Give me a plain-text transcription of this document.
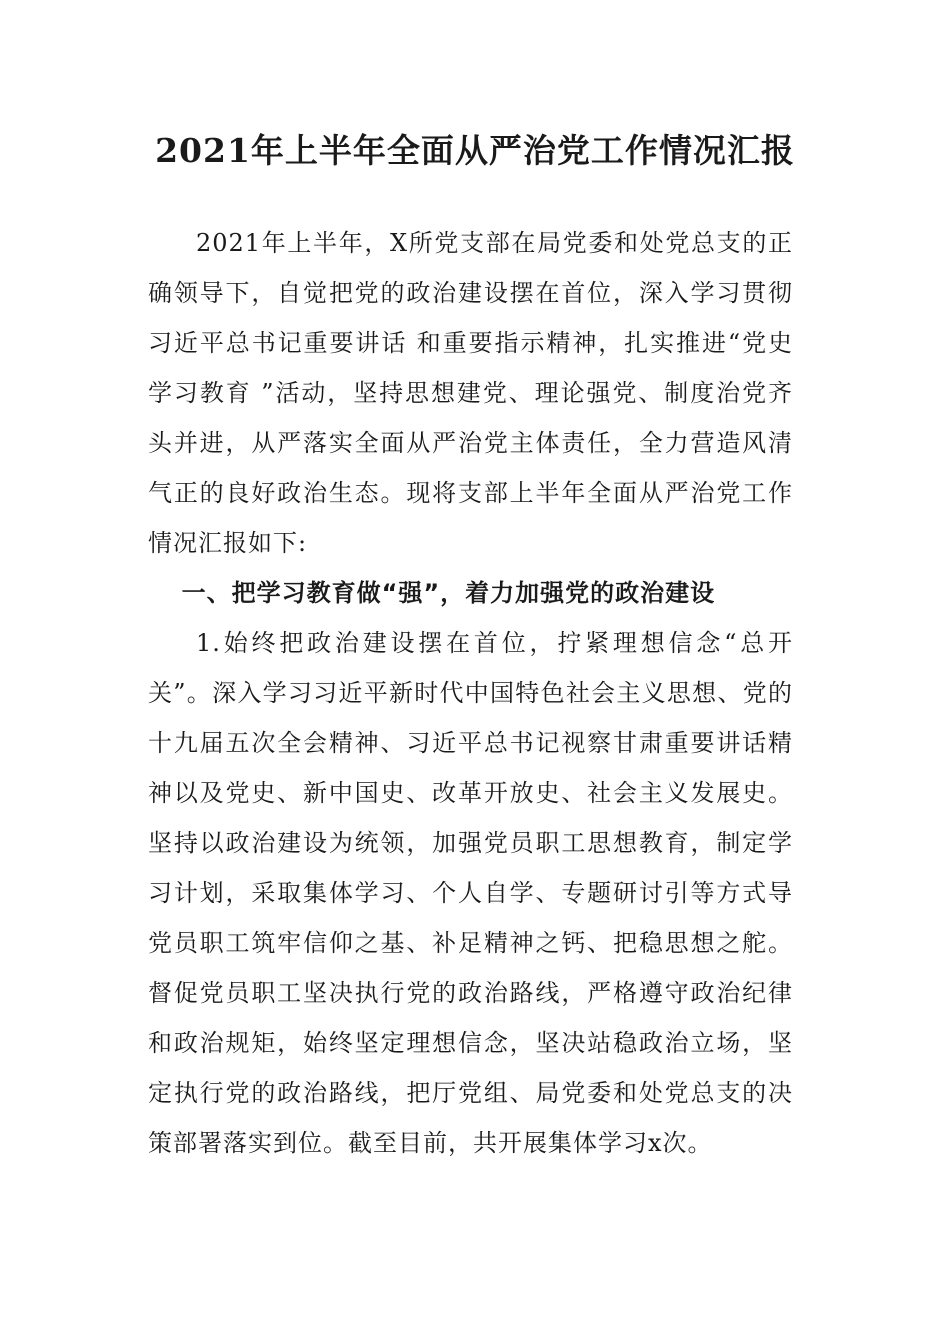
2021年上半年全面从严治党工作情况汇报

2021年上半年，X所党支部在局党委和处党总支的正确领导下，自觉把党的政治建设摆在首位，深入学习贯彻习近平总书记重要讲话 和重要指示精神，扎实推进“党史学习教育 ”活动，坚持思想建党、理论强党、制度治党齐头并进，从严落实全面从严治党主体责任，全力营造风清气正的良好政治生态。现将支部上半年全面从严治党工作情况汇报如下:

一、把学习教育做“强”，着力加强党的政治建设

1.始终把政治建设摆在首位，拧紧理想信念“总开关”。深入学习习近平新时代中国特色社会主义思想、党的十九届五次全会精神、习近平总书记视察甘肃重要讲话精神以及党史、新中国史、改革开放史、社会主义发展史。坚持以政治建设为统领，加强党员职工思想教育，制定学习计划，采取集体学习、个人自学、专题研讨引等方式导党员职工筑牢信仰之基、补足精神之钙、把稳思想之舵。督促党员职工坚决执行党的政治路线，严格遵守政治纪律和政治规矩，始终坚定理想信念，坚决站稳政治立场，坚定执行党的政治路线，把厅党组、局党委和处党总支的决策部署落实到位。截至目前，共开展集体学习x次。
